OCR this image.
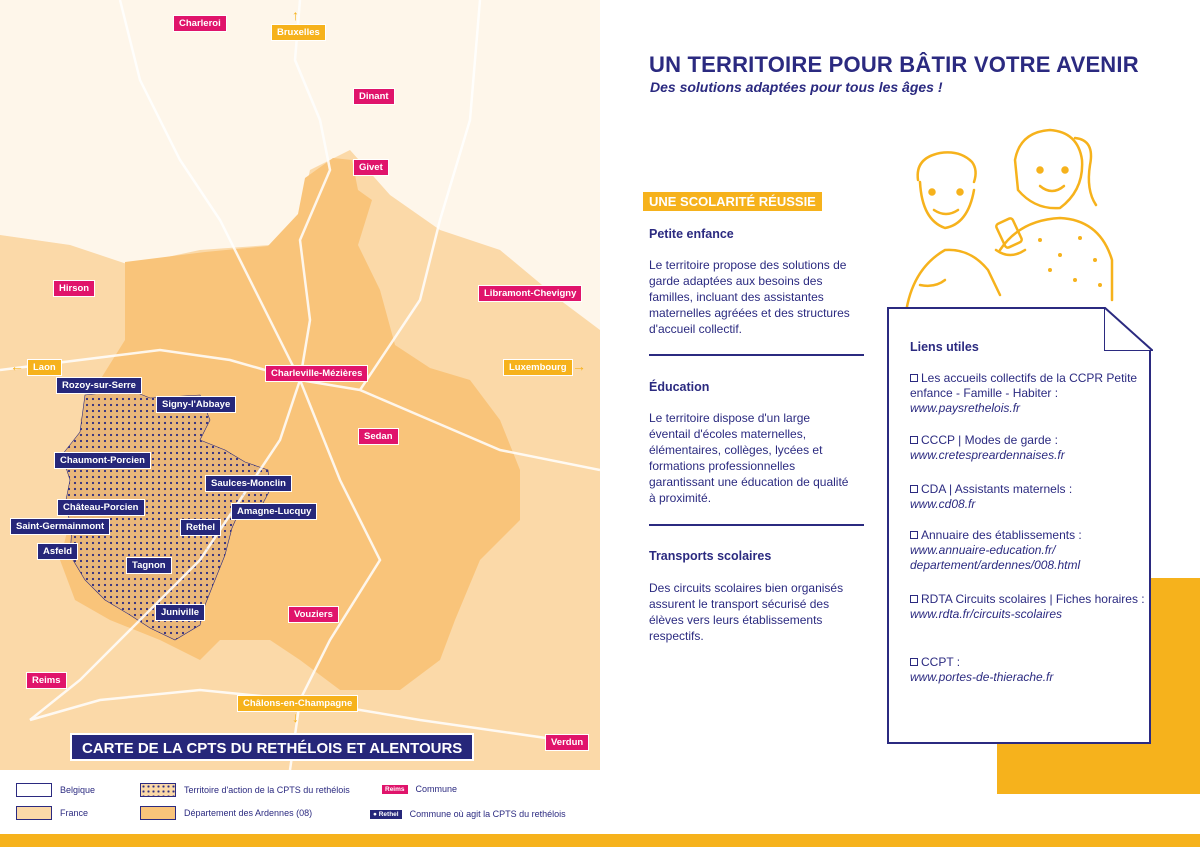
Charleroi
Dinant
Givet
Hirson	Libramont-Chevigny
Charleville-Mézières
Sedan
Vouziers
Reims
Verdun
↑
Bruxelles
← Laon	Luxembourg →
Châlons-en-Champagne
↓
Rozoy-sur-Serre
Signy-l'Abbaye
Chaumont-Porcien
Saulces-Monclin
Château-Porcien	Amagne-Lucquy
Saint-Germainmont	Rethel
Asfeld
Tagnon
Juniville
CARTE DE LA CPTS DU RETHÉLOIS ET ALENTOURS
Belgique
France
Territoire d'action de la CPTS du rethélois
Département des Ardennes (08)
Reims	Commune
● Rethel	Commune où agit la CPTS du rethélois
UN TERRITOIRE POUR BÂTIR VOTRE AVENIR
Des solutions adaptées pour tous les âges !
UNE SCOLARITÉ RÉUSSIE
Petite enfance
Le territoire propose des solutions de garde adaptées aux besoins des familles, incluant des assistantes maternelles agréées et des structures d'accueil collectif.
Éducation
Le territoire dispose d'un large éventail d'écoles maternelles, élémentaires, collèges, lycées et formations professionnelles garantissant une éducation de qualité à proximité.
Transports scolaires
Des circuits scolaires bien organisés assurent le transport sécurisé des élèves vers leurs établissements respectifs.
Liens utiles
Les accueils collectifs de la CCPR Petite enfance - Famille - Habiter :
www.paysrethelois.fr
CCCP | Modes de garde :
www.cretespreardennaises.fr
CDA | Assistants maternels :
www.cd08.fr
Annuaire des établissements :
www.annuaire-education.fr/ departement/ardennes/008.html
RDTA Circuits scolaires | Fiches horaires :
www.rdta.fr/circuits-scolaires
CCPT :
www.portes-de-thierache.fr
